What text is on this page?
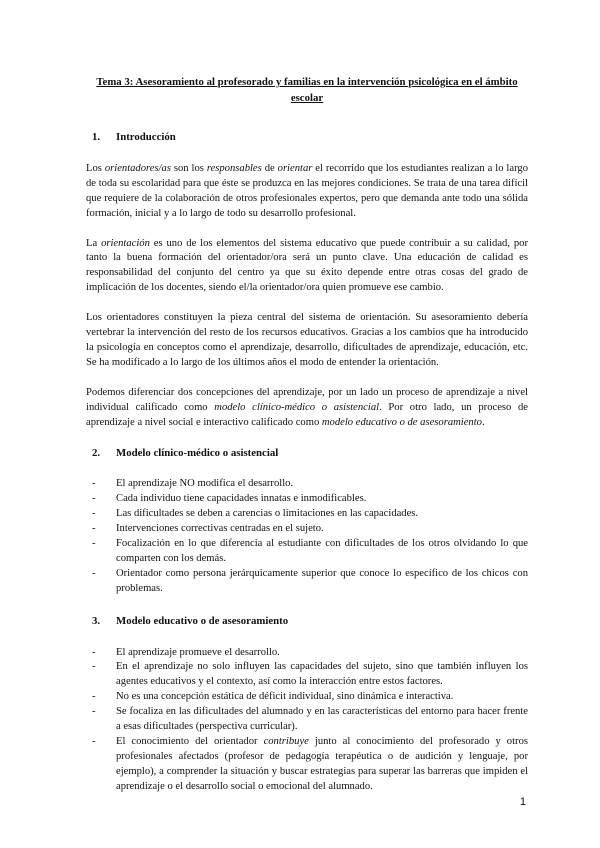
Tema 3: Asesoramiento al profesorado y familias en la intervención psicológica en el ámbito escolar

1. Introducción

Los orientadores/as son los responsables de orientar el recorrido que los estudiantes realizan a lo largo de toda su escolaridad para que éste se produzca en las mejores condiciones. Se trata de una tarea difícil que requiere de la colaboración de otros profesionales expertos, pero que demanda ante todo una sólida formación, inicial y a lo largo de todo su desarrollo profesional.

La orientación es uno de los elementos del sistema educativo que puede contribuir a su calidad, por tanto la buena formación del orientador/ora será un punto clave. Una educación de calidad es responsabilidad del conjunto del centro ya que su éxito depende entre otras cosas del grado de implicación de los docentes, siendo el/la orientador/ora quien promueve ese cambio.

Los orientadores constituyen la pieza central del sistema de orientación. Su asesoramiento debería vertebrar la intervención del resto de los recursos educativos. Gracias a los cambios que ha introducido la psicología en conceptos como el aprendizaje, desarrollo, dificultades de aprendizaje, educación, etc. Se ha modificado a lo largo de los últimos años el modo de entender la orientación.

Podemos diferenciar dos concepciones del aprendizaje, por un lado un proceso de aprendizaje a nivel individual calificado como modelo clínico-médico o asistencial. Por otro lado, un proceso de aprendizaje a nivel social e interactivo calificado como modelo educativo o de asesoramiento.

2. Modelo clínico-médico o asistencial
- El aprendizaje NO modifica el desarrollo.
- Cada individuo tiene capacidades innatas e inmodificables.
- Las dificultades se deben a carencias o limitaciones en las capacidades.
- Intervenciones correctivas centradas en el sujeto.
- Focalización en lo que diferencia al estudiante con dificultades de los otros olvidando lo que comparten con los demás.
- Orientador como persona jerárquicamente superior que conoce lo específico de los chicos con problemas.
3. Modelo educativo o de asesoramiento
- El aprendizaje promueve el desarrollo.
- En el aprendizaje no solo influyen las capacidades del sujeto, sino que también influyen los agentes educativos y el contexto, así como la interacción entre estos factores.
- No es una concepción estática de déficit individual, sino dinámica e interactiva.
- Se focaliza en las dificultades del alumnado y en las características del entorno para hacer frente a esas dificultades (perspectiva curricular).
- El conocimiento del orientador contribuye junto al conocimiento del profesorado y otros profesionales afectados (profesor de pedagogía terapéutica o de audición y lenguaje, por ejemplo), a comprender la situación y buscar estrategias para superar las barreras que impiden el aprendizaje o el desarrollo social o emocional del alumnado.
1
